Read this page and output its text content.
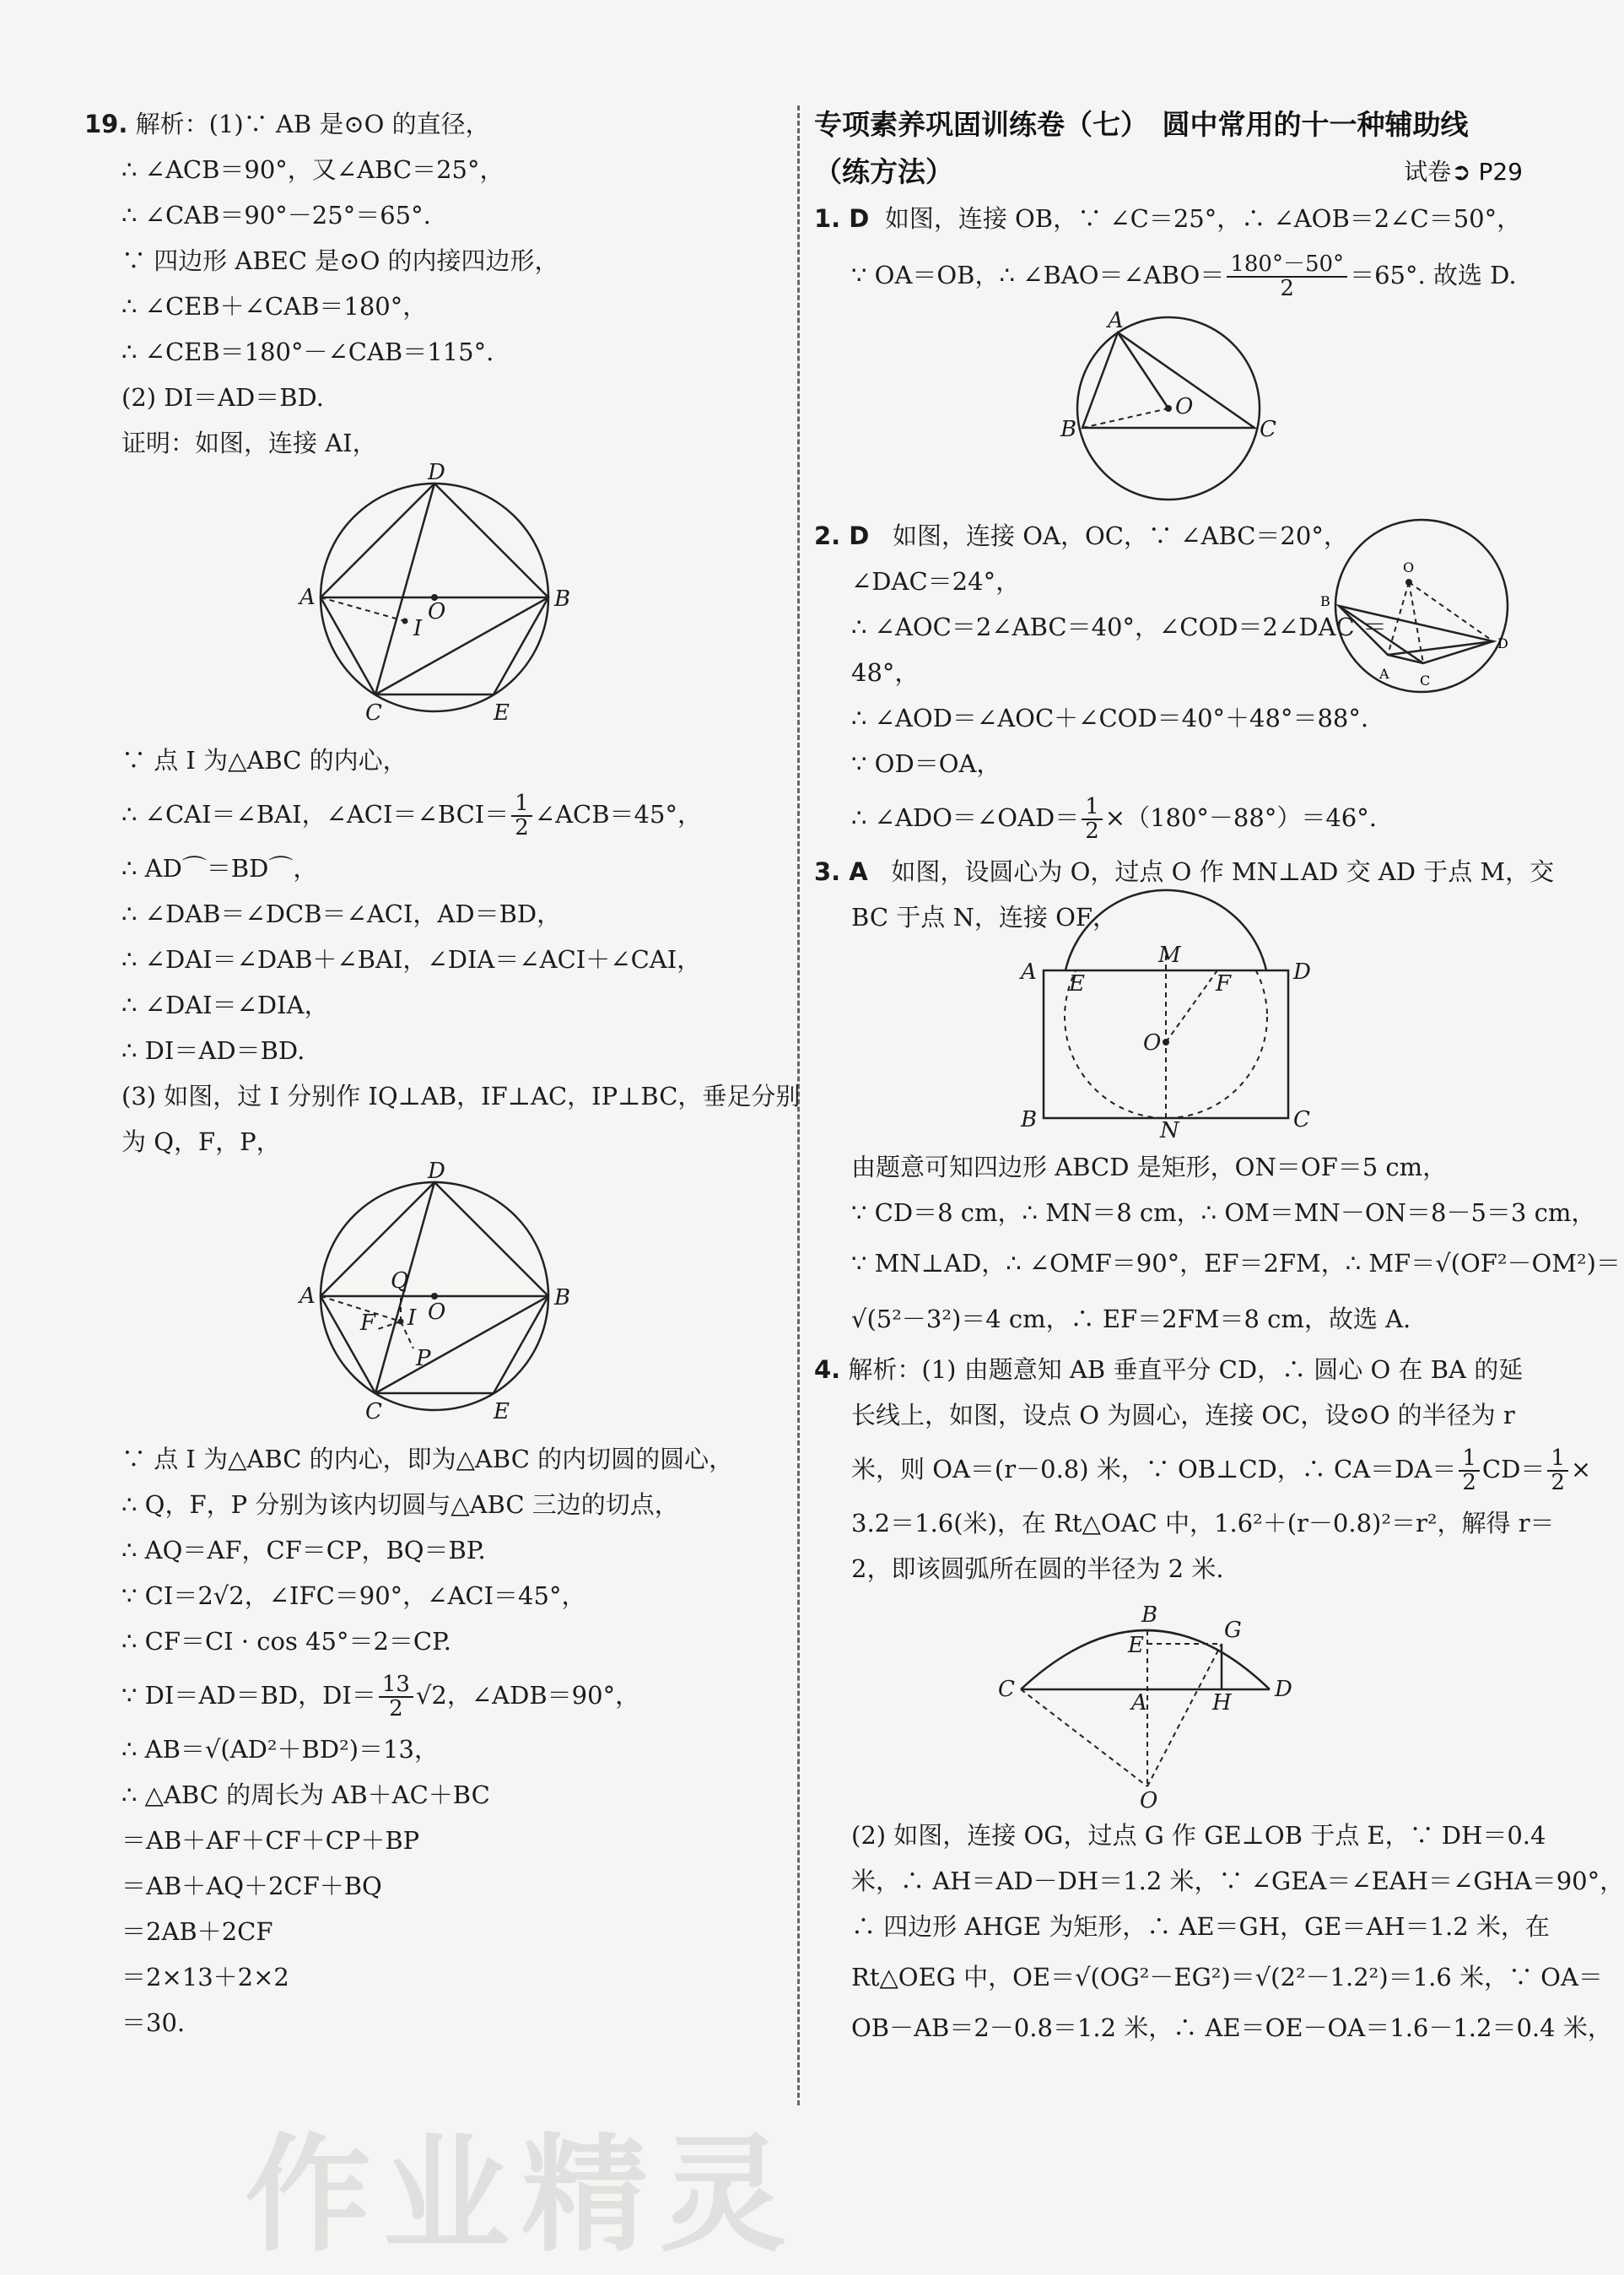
19. 解析：(1)∵ AB 是⊙O 的直径，
∴ ∠ACB＝90°，又∠ABC＝25°，
∴ ∠CAB＝90°－25°＝65°.
∵ 四边形 ABEC 是⊙O 的内接四边形，
∴ ∠CEB＋∠CAB＝180°，
∴ ∠CEB＝180°－∠CAB＝115°.
(2) DI＝AD＝BD.
证明：如图，连接 AI，
D
A	B
O
I
C	E
∵ 点 I 为△ABC 的内心，
∴ ∠CAI＝∠BAI，∠ACI＝∠BCI＝ $\frac{1}{2}$ ∠ACB＝45°，
∴ AD⌒＝BD⌒，
∴ ∠DAB＝∠DCB＝∠ACI，AD＝BD，
∴ ∠DAI＝∠DAB＋∠BAI，∠DIA＝∠ACI＋∠CAI，
∴ ∠DAI＝∠DIA，
∴ DI＝AD＝BD.
(3) 如图，过 I 分别作 IQ⊥AB，IF⊥AC，IP⊥BC，垂足分别
为 Q，F，P，
D
A	B
O
Q
F I
P
C	E
∵ 点 I 为△ABC 的内心，即为△ABC 的内切圆的圆心，
∴ Q，F，P 分别为该内切圆与△ABC 三边的切点，
∴ AQ＝AF，CF＝CP，BQ＝BP.
∵ CI＝2√2，∠IFC＝90°，∠ACI＝45°，
∴ CF＝CI · cos 45°＝2＝CP.
∵ DI＝AD＝BD，$DI= \frac{13}{2} √2$，∠ADB＝90°，
∴ AB＝√(AD²＋BD²)＝13，
∴ △ABC 的周长为 AB＋AC＋BC
＝AB＋AF＋CF＋CP＋BP
＝AB＋AQ＋2CF＋BQ
＝2AB＋2CF
＝2×13＋2×2
＝30.
专项素养巩固训练卷（七）　圆中常用的十一种辅助线
（练方法）	试卷➲ P29
1. D 如图，连接 OB，∵ ∠C＝25°，∴ ∠AOB＝2∠C＝50°，
∵ OA＝OB，∴ ∠BAO＝∠ABO＝ $\frac{180^\circ-50^\circ}{2} =65^\circ$. 故选 D.
A
O
B	C
O
B
D
A C
2. D 如图，连接 OA，OC，∵ ∠ABC＝20°，
∠DAC＝24°，
∴ ∠AOC＝2∠ABC＝40°，∠COD＝2∠DAC ＝
48°，
∴ ∠AOD＝∠AOC＋∠COD＝40°＋48°＝88°.
∵ OD＝OA，
∴ ∠ADO＝∠OAD＝ $\frac{1}{2} \times(180^\circ-88^\circ)=46^\circ$.
3. A 如图，设圆心为 O，过点 O 作 MN⊥AD 交 AD 于点 M，交
BC 于点 N，连接 OF，
A E
M
F	D
O
B	N	C
由题意可知四边形 ABCD 是矩形，ON＝OF＝5 cm，
∵ CD＝8 cm，∴ MN＝8 cm，∴ OM＝MN－ON＝8－5＝3 cm，
∵ MN⊥AD，∴ ∠OMF＝90°，EF＝2FM，∴ MF＝√(OF²－OM²)＝
√(5²－3²)＝4 cm，∴ EF＝2FM＝8 cm，故选 A.
4. 解析：(1) 由题意知 AB 垂直平分 CD，∴ 圆心 O 在 BA 的延
长线上，如图，设点 O 为圆心，连接 OC，设⊙O 的半径为 r
米，则 OA＝(r－0.8) 米，∵ OB⊥CD，∴ $CA=DA= \frac{1}{2} CD= \frac{1}{2}$ ×
3.2＝1.6(米)，在 Rt△OAC 中，1.6²＋(r－0.8)²＝r²，解得 r＝
2，即该圆弧所在圆的半径为 2 米.
B
E
G
C
A	H
D
O
(2) 如图，连接 OG，过点 G 作 GE⊥OB 于点 E，∵ DH＝0.4
米，∴ AH＝AD－DH＝1.2 米，∵ ∠GEA＝∠EAH＝∠GHA＝90°，
∴ 四边形 AHGE 为矩形，∴ AE＝GH，GE＝AH＝1.2 米，在
Rt△OEG 中，OE＝√(OG²－EG²)＝√(2²－1.2²)＝1.6 米，∵ OA＝
OB－AB＝2－0.8＝1.2 米，∴ AE＝OE－OA＝1.6－1.2＝0.4 米，
作业精灵
